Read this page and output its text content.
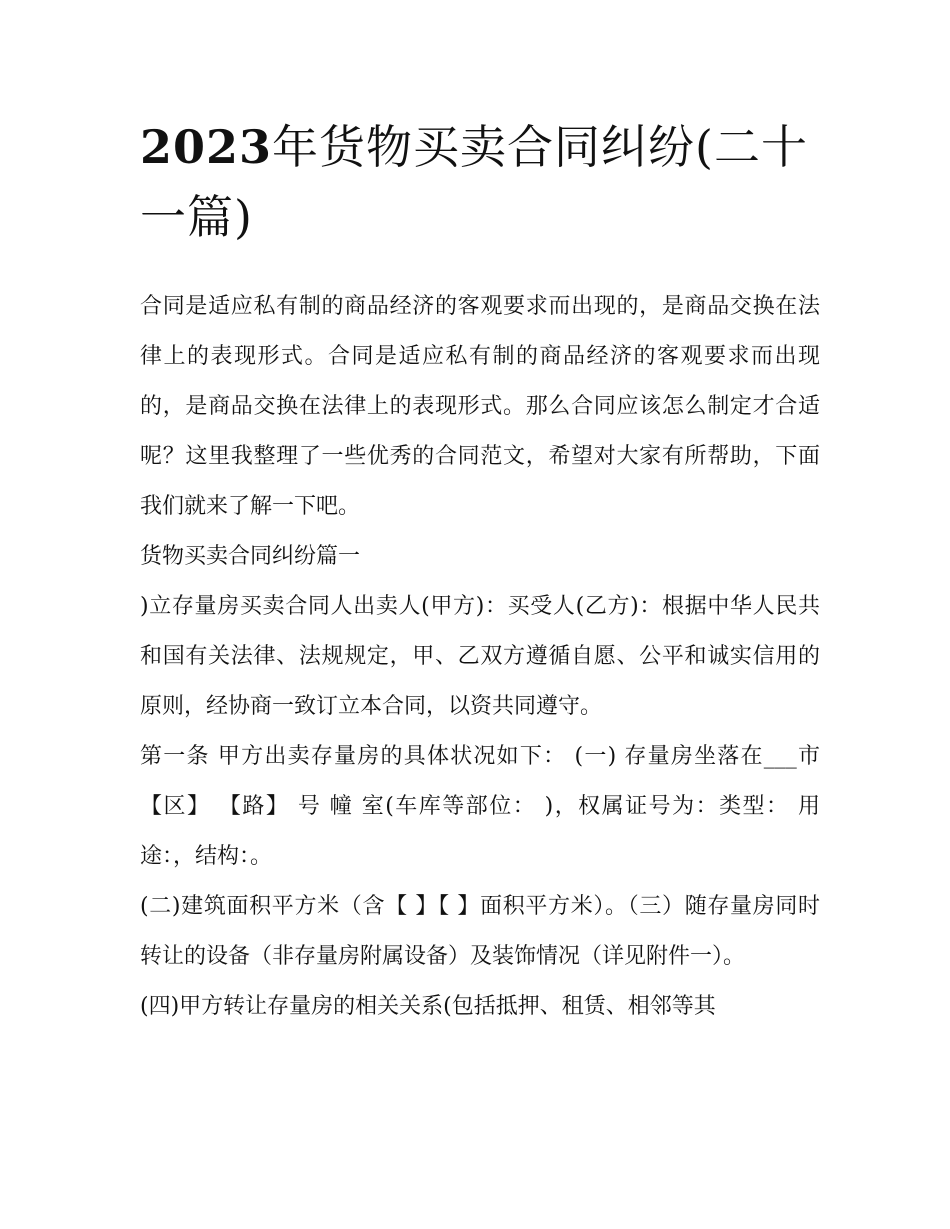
2023年货物买卖合同纠纷(二十一篇)

合同是适应私有制的商品经济的客观要求而出现的，是商品交换在法律上的表现形式。合同是适应私有制的商品经济的客观要求而出现的，是商品交换在法律上的表现形式。那么合同应该怎么制定才合适呢？这里我整理了一些优秀的合同范文，希望对大家有所帮助，下面我们就来了解一下吧。

货物买卖合同纠纷篇一

)立存量房买卖合同人出卖人(甲方)：买受人(乙方)：根据中华人民共和国有关法律、法规规定，甲、乙双方遵循自愿、公平和诚实信用的原则，经协商一致订立本合同，以资共同遵守。

第一条 甲方出卖存量房的具体状况如下： (一) 存量房坐落在___市 【区】 【路】 号 幢 室(车库等部位： )，权属证号为：类型： 用途：，结构：。

(二)建筑面积平方米（含【 】【 】面积平方米）。（三）随存量房同时转让的设备（非存量房附属设备）及装饰情况（详见附件一）。

(四)甲方转让存量房的相关关系(包括抵押、租赁、相邻等其
